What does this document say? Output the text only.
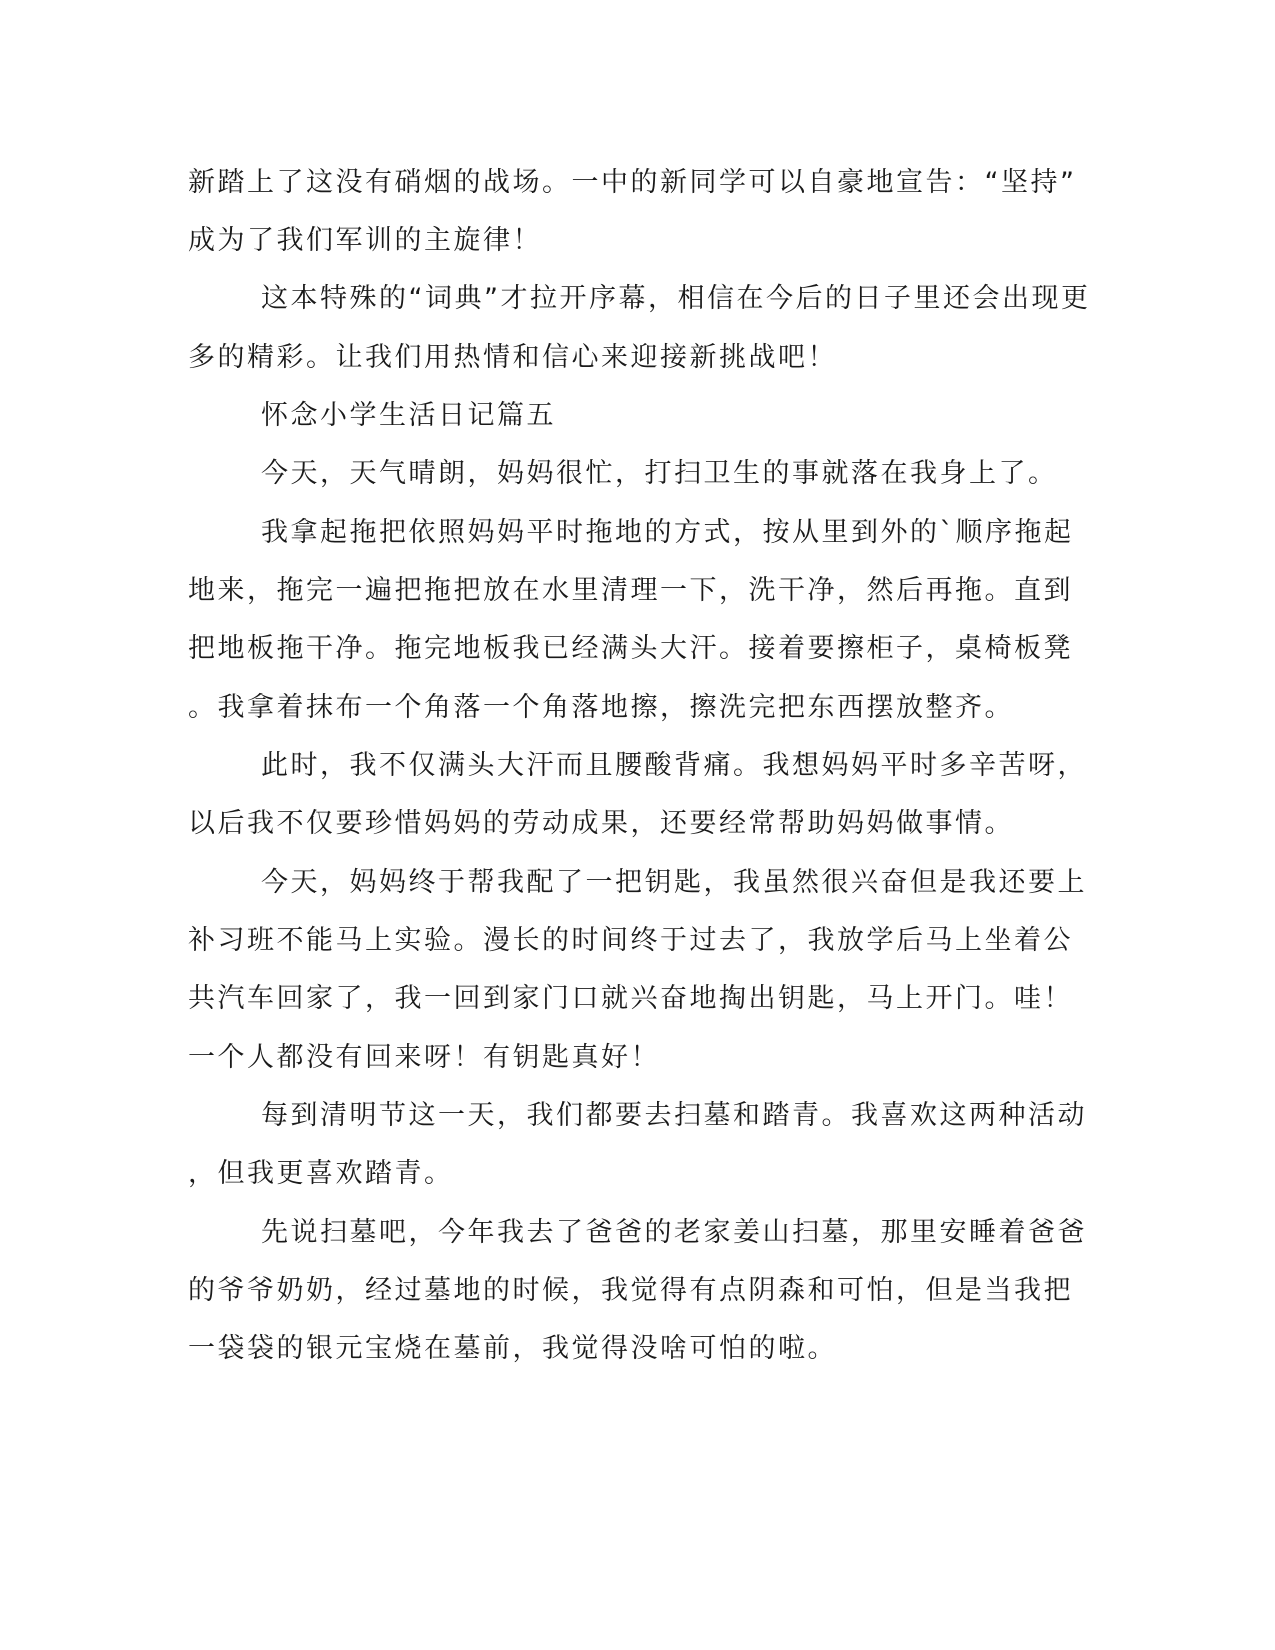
新踏上了这没有硝烟的战场。一中的新同学可以自豪地宣告：“坚持”
成为了我们军训的主旋律！
这本特殊的“词典”才拉开序幕，相信在今后的日子里还会出现更
多的精彩。让我们用热情和信心来迎接新挑战吧！
怀念小学生活日记篇五
今天，天气晴朗，妈妈很忙，打扫卫生的事就落在我身上了。
我拿起拖把依照妈妈平时拖地的方式，按从里到外的`顺序拖起
地来，拖完一遍把拖把放在水里清理一下，洗干净，然后再拖。直到
把地板拖干净。拖完地板我已经满头大汗。接着要擦柜子，桌椅板凳
。我拿着抹布一个角落一个角落地擦，擦洗完把东西摆放整齐。
此时，我不仅满头大汗而且腰酸背痛。我想妈妈平时多辛苦呀，
以后我不仅要珍惜妈妈的劳动成果，还要经常帮助妈妈做事情。
今天，妈妈终于帮我配了一把钥匙，我虽然很兴奋但是我还要上
补习班不能马上实验。漫长的时间终于过去了，我放学后马上坐着公
共汽车回家了，我一回到家门口就兴奋地掏出钥匙，马上开门。哇！
一个人都没有回来呀！有钥匙真好！
每到清明节这一天，我们都要去扫墓和踏青。我喜欢这两种活动
，但我更喜欢踏青。
先说扫墓吧，今年我去了爸爸的老家姜山扫墓，那里安睡着爸爸
的爷爷奶奶，经过墓地的时候，我觉得有点阴森和可怕，但是当我把
一袋袋的银元宝烧在墓前，我觉得没啥可怕的啦。
